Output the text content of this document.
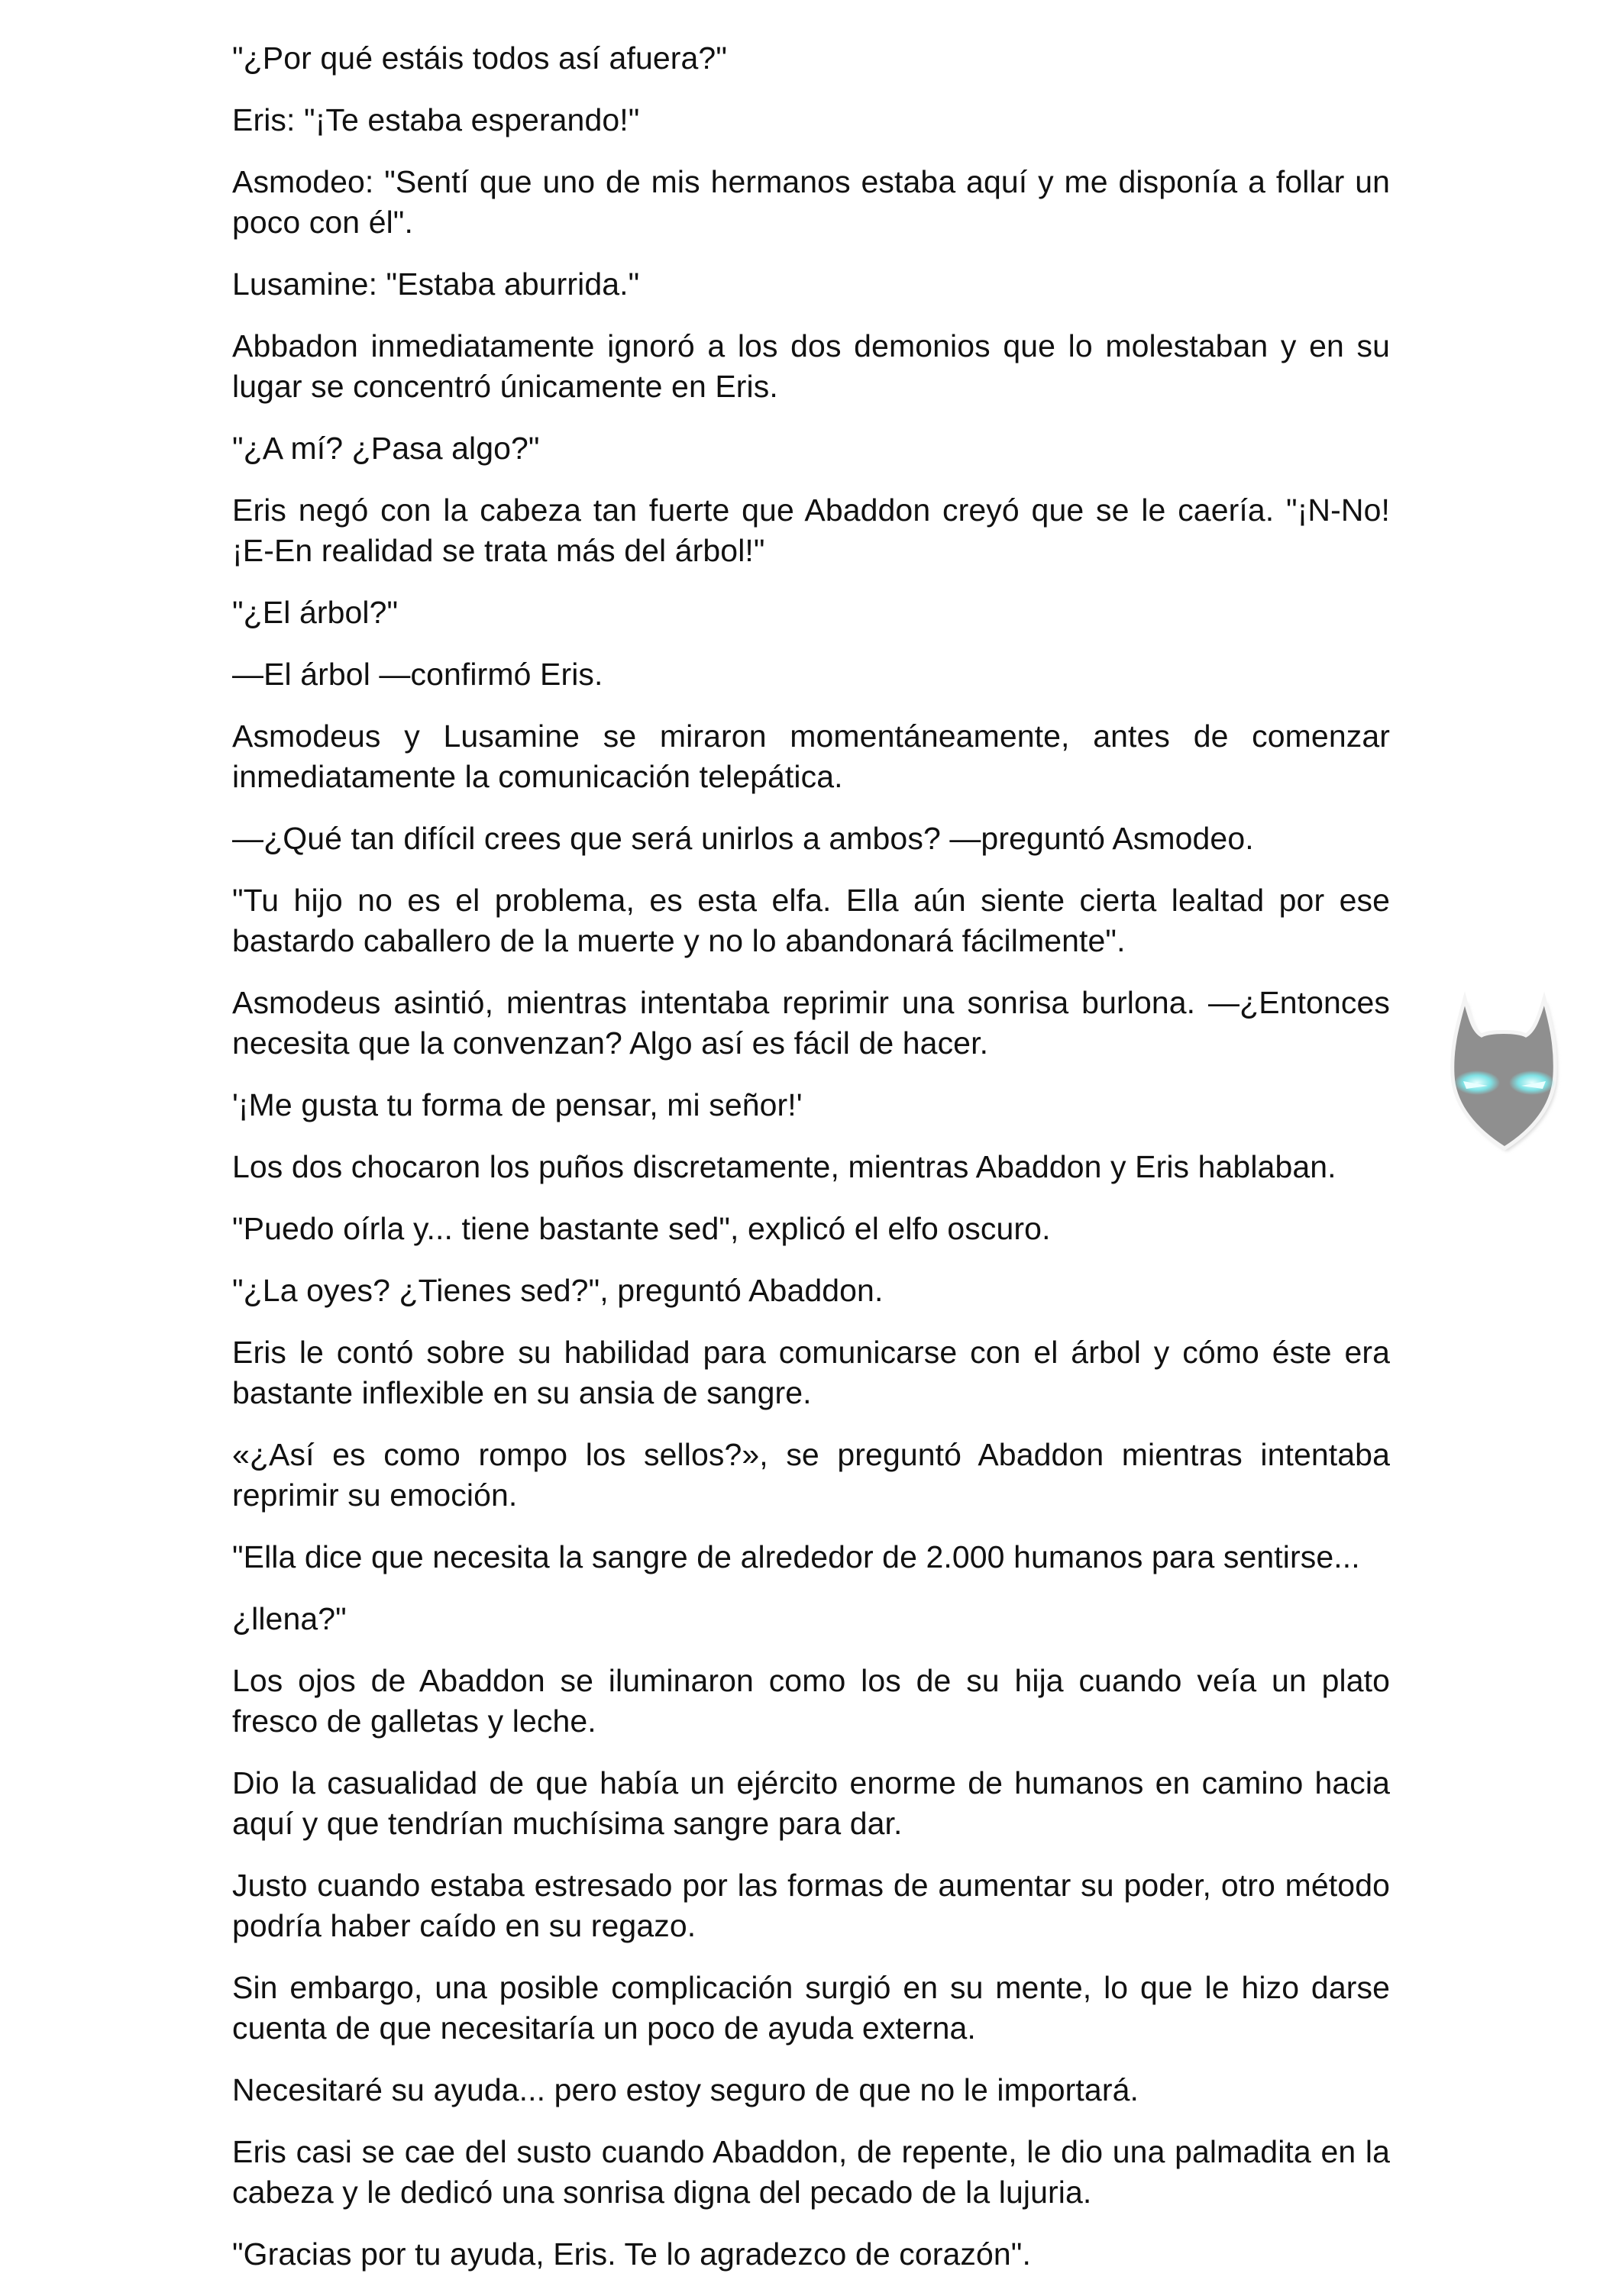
"¿Por qué estáis todos así afuera?"

Eris: "¡Te estaba esperando!"

Asmodeo: "Sentí que uno de mis hermanos estaba aquí y me disponía a follar un poco con él".

Lusamine: "Estaba aburrida."

Abbadon inmediatamente ignoró a los dos demonios que lo molestaban y en su lugar se concentró únicamente en Eris.

"¿A mí? ¿Pasa algo?"

Eris negó con la cabeza tan fuerte que Abaddon creyó que se le caería. "¡N-No! ¡E-En realidad se trata más del árbol!"

"¿El árbol?"

—El árbol —confirmó Eris.

Asmodeus y Lusamine se miraron momentáneamente, antes de comenzar inmediatamente la comunicación telepática.

—¿Qué tan difícil crees que será unirlos a ambos? —preguntó Asmodeo.

"Tu hijo no es el problema, es esta elfa. Ella aún siente cierta lealtad por ese bastardo caballero de la muerte y no lo abandonará fácilmente".

Asmodeus asintió, mientras intentaba reprimir una sonrisa burlona. —¿Entonces necesita que la convenzan? Algo así es fácil de hacer.

'¡Me gusta tu forma de pensar, mi señor!'

Los dos chocaron los puños discretamente, mientras Abaddon y Eris hablaban.

"Puedo oírla y... tiene bastante sed", explicó el elfo oscuro.

"¿La oyes? ¿Tienes sed?", preguntó Abaddon.

Eris le contó sobre su habilidad para comunicarse con el árbol y cómo éste era bastante inflexible en su ansia de sangre.

«¿Así es como rompo los sellos?», se preguntó Abaddon mientras intentaba reprimir su emoción.

"Ella dice que necesita la sangre de alrededor de 2.000 humanos para sentirse...

¿llena?"

Los ojos de Abaddon se iluminaron como los de su hija cuando veía un plato fresco de galletas y leche.

Dio la casualidad de que había un ejército enorme de humanos en camino hacia aquí y que tendrían muchísima sangre para dar.

Justo cuando estaba estresado por las formas de aumentar su poder, otro método podría haber caído en su regazo.

Sin embargo, una posible complicación surgió en su mente, lo que le hizo darse cuenta de que necesitaría un poco de ayuda externa.

Necesitaré su ayuda... pero estoy seguro de que no le importará.

Eris casi se cae del susto cuando Abaddon, de repente, le dio una palmadita en la cabeza y le dedicó una sonrisa digna del pecado de la lujuria.

"Gracias por tu ayuda, Eris. Te lo agradezco de corazón".
